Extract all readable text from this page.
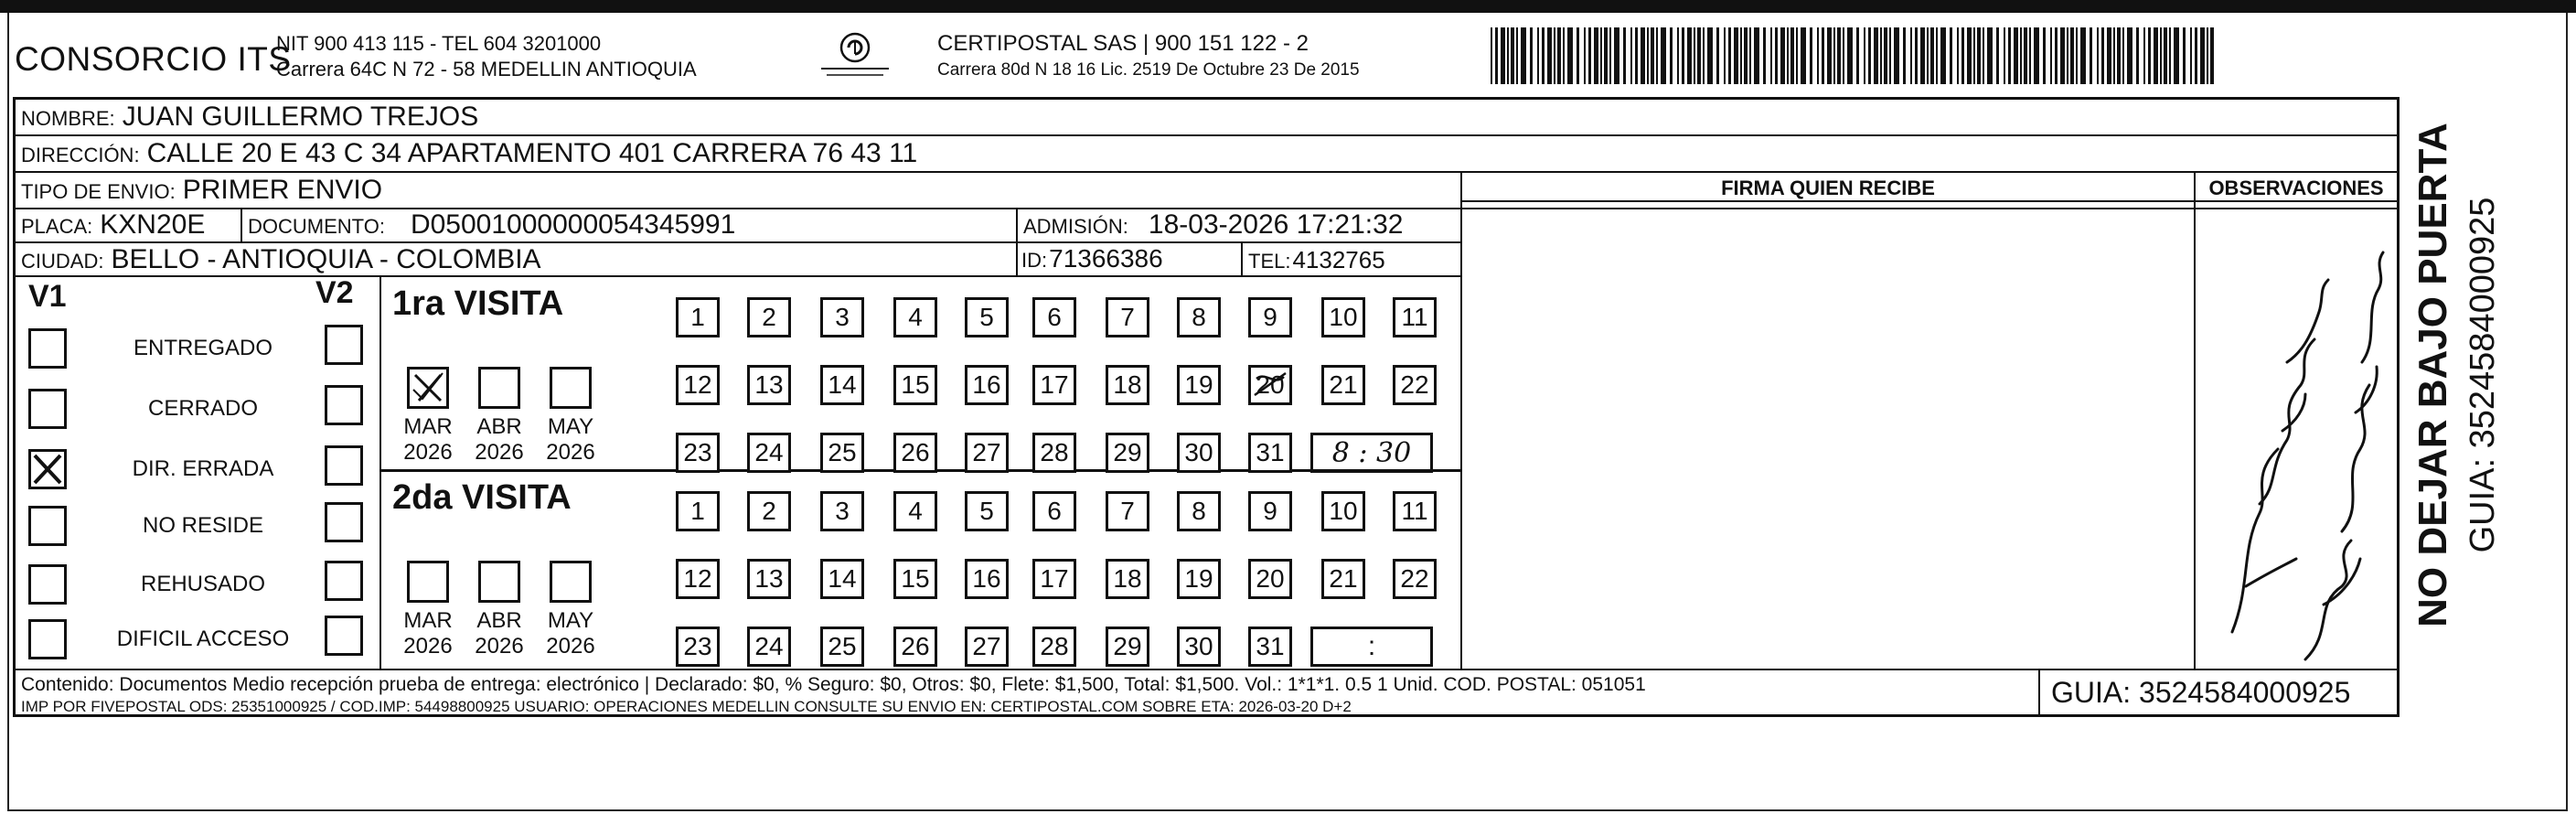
CONSORCIO ITS
NIT 900 413 115 - TEL 604 3201000
Carrera 64C N 72 - 58 MEDELLIN ANTIOQUIA
CERTIPOSTAL SAS | 900 151 122 - 2
Carrera 80d N 18 16 Lic. 2519 De Octubre 23 De 2015
NOMBRE: JUAN GUILLERMO TREJOS
DIRECCIÓN: CALLE 20 E 43 C 34 APARTAMENTO 401 CARRERA 76 43 11
TIPO DE ENVIO: PRIMER ENVIO
PLACA: KXN20E DOCUMENTO: D05001000000054345991	ADMISIÓN: 18-03-2026 17:21:32
CIUDAD: BELLO - ANTIOQUIA - COLOMBIA	ID: 71366386	TEL: 4132765
FIRMA QUIEN RECIBE	OBSERVACIONES
V1	V2
ENTREGADO
CERRADO
DIR. ERRADA
NO RESIDE
REHUSADO
DIFICIL ACCESO
1ra VISITA
2da VISITA
MAR
2026
ABR
2026
MAY
2026
1	2	3	4	5	6	7	8	9	10	11
12	13	14	15	16	17	18	19	20	21	22
23	24	25	26	27	28	29	30	31	8 : 30
MAR
2026
ABR
2026
MAY
2026
1	2	3	4	5	6	7	8	9	10	11
12	13	14	15	16	17	18	19	20	21	22
23	24	25	26	27	28	29	30	31	:
Contenido: Documentos Medio recepción prueba de entrega: electrónico | Declarado: $0, % Seguro: $0, Otros: $0, Flete: $1,500, Total: $1,500. Vol.: 1*1*1. 0.5 1 Unid. COD. POSTAL: 051051
IMP POR FIVEPOSTAL ODS: 25351000925 / COD.IMP: 54498800925 USUARIO: OPERACIONES MEDELLIN CONSULTE SU ENVIO EN: CERTIPOSTAL.COM SOBRE ETA: 2026-03-20 D+2	GUIA: 3524584000925
NO DEJAR BAJO PUERTA GUIA: 3524584000925
